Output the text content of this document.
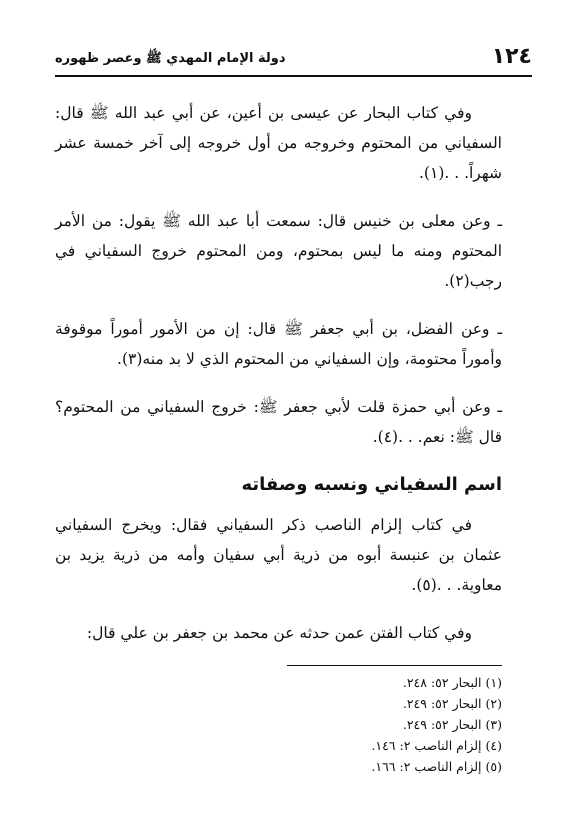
١٢٤
دولة الإمام المهدي ﷺ وعصر ظهوره

وفي كتاب البحار عن عيسى بن أعين، عن أبي عبد الله ﷺ قال: السفياني من المحتوم وخروجه من أول خروجه إلى آخر خمسة عشر شهراً. . .(١).

ـ وعن معلى بن خنيس قال: سمعت أبا عبد الله ﷺ يقول: من الأمر المحتوم ومنه ما ليس بمحتوم، ومن المحتوم خروج السفياني في رجب(٢).

ـ وعن الفضل، بن أبي جعفر ﷺ قال: إن من الأمور أموراً موقوفة وأموراً محتومة، وإن السفياني من المحتوم الذي لا بد منه(٣).

ـ وعن أبي حمزة قلت لأبي جعفر ﷺ: خروج السفياني من المحتوم؟ قال ﷺ: نعم. . .(٤).

اسم السفياني ونسبه وصفاته

في كتاب إلزام الناصب ذكر السفياني فقال: ويخرج السفياني عثمان بن عنبسة أبوه من ذرية أبي سفيان وأمه من ذرية يزيد بن معاوية. . .(٥).

وفي كتاب الفتن عمن حدثه عن محمد بن جعفر بن علي قال:

(١) البحار ٥٢: ٢٤٨.
(٢) البحار ٥٢: ٢٤٩.
(٣) البحار ٥٢: ٢٤٩.
(٤) إلزام الناصب ٢: ١٤٦.
(٥) إلزام الناصب ٢: ١٦٦.
